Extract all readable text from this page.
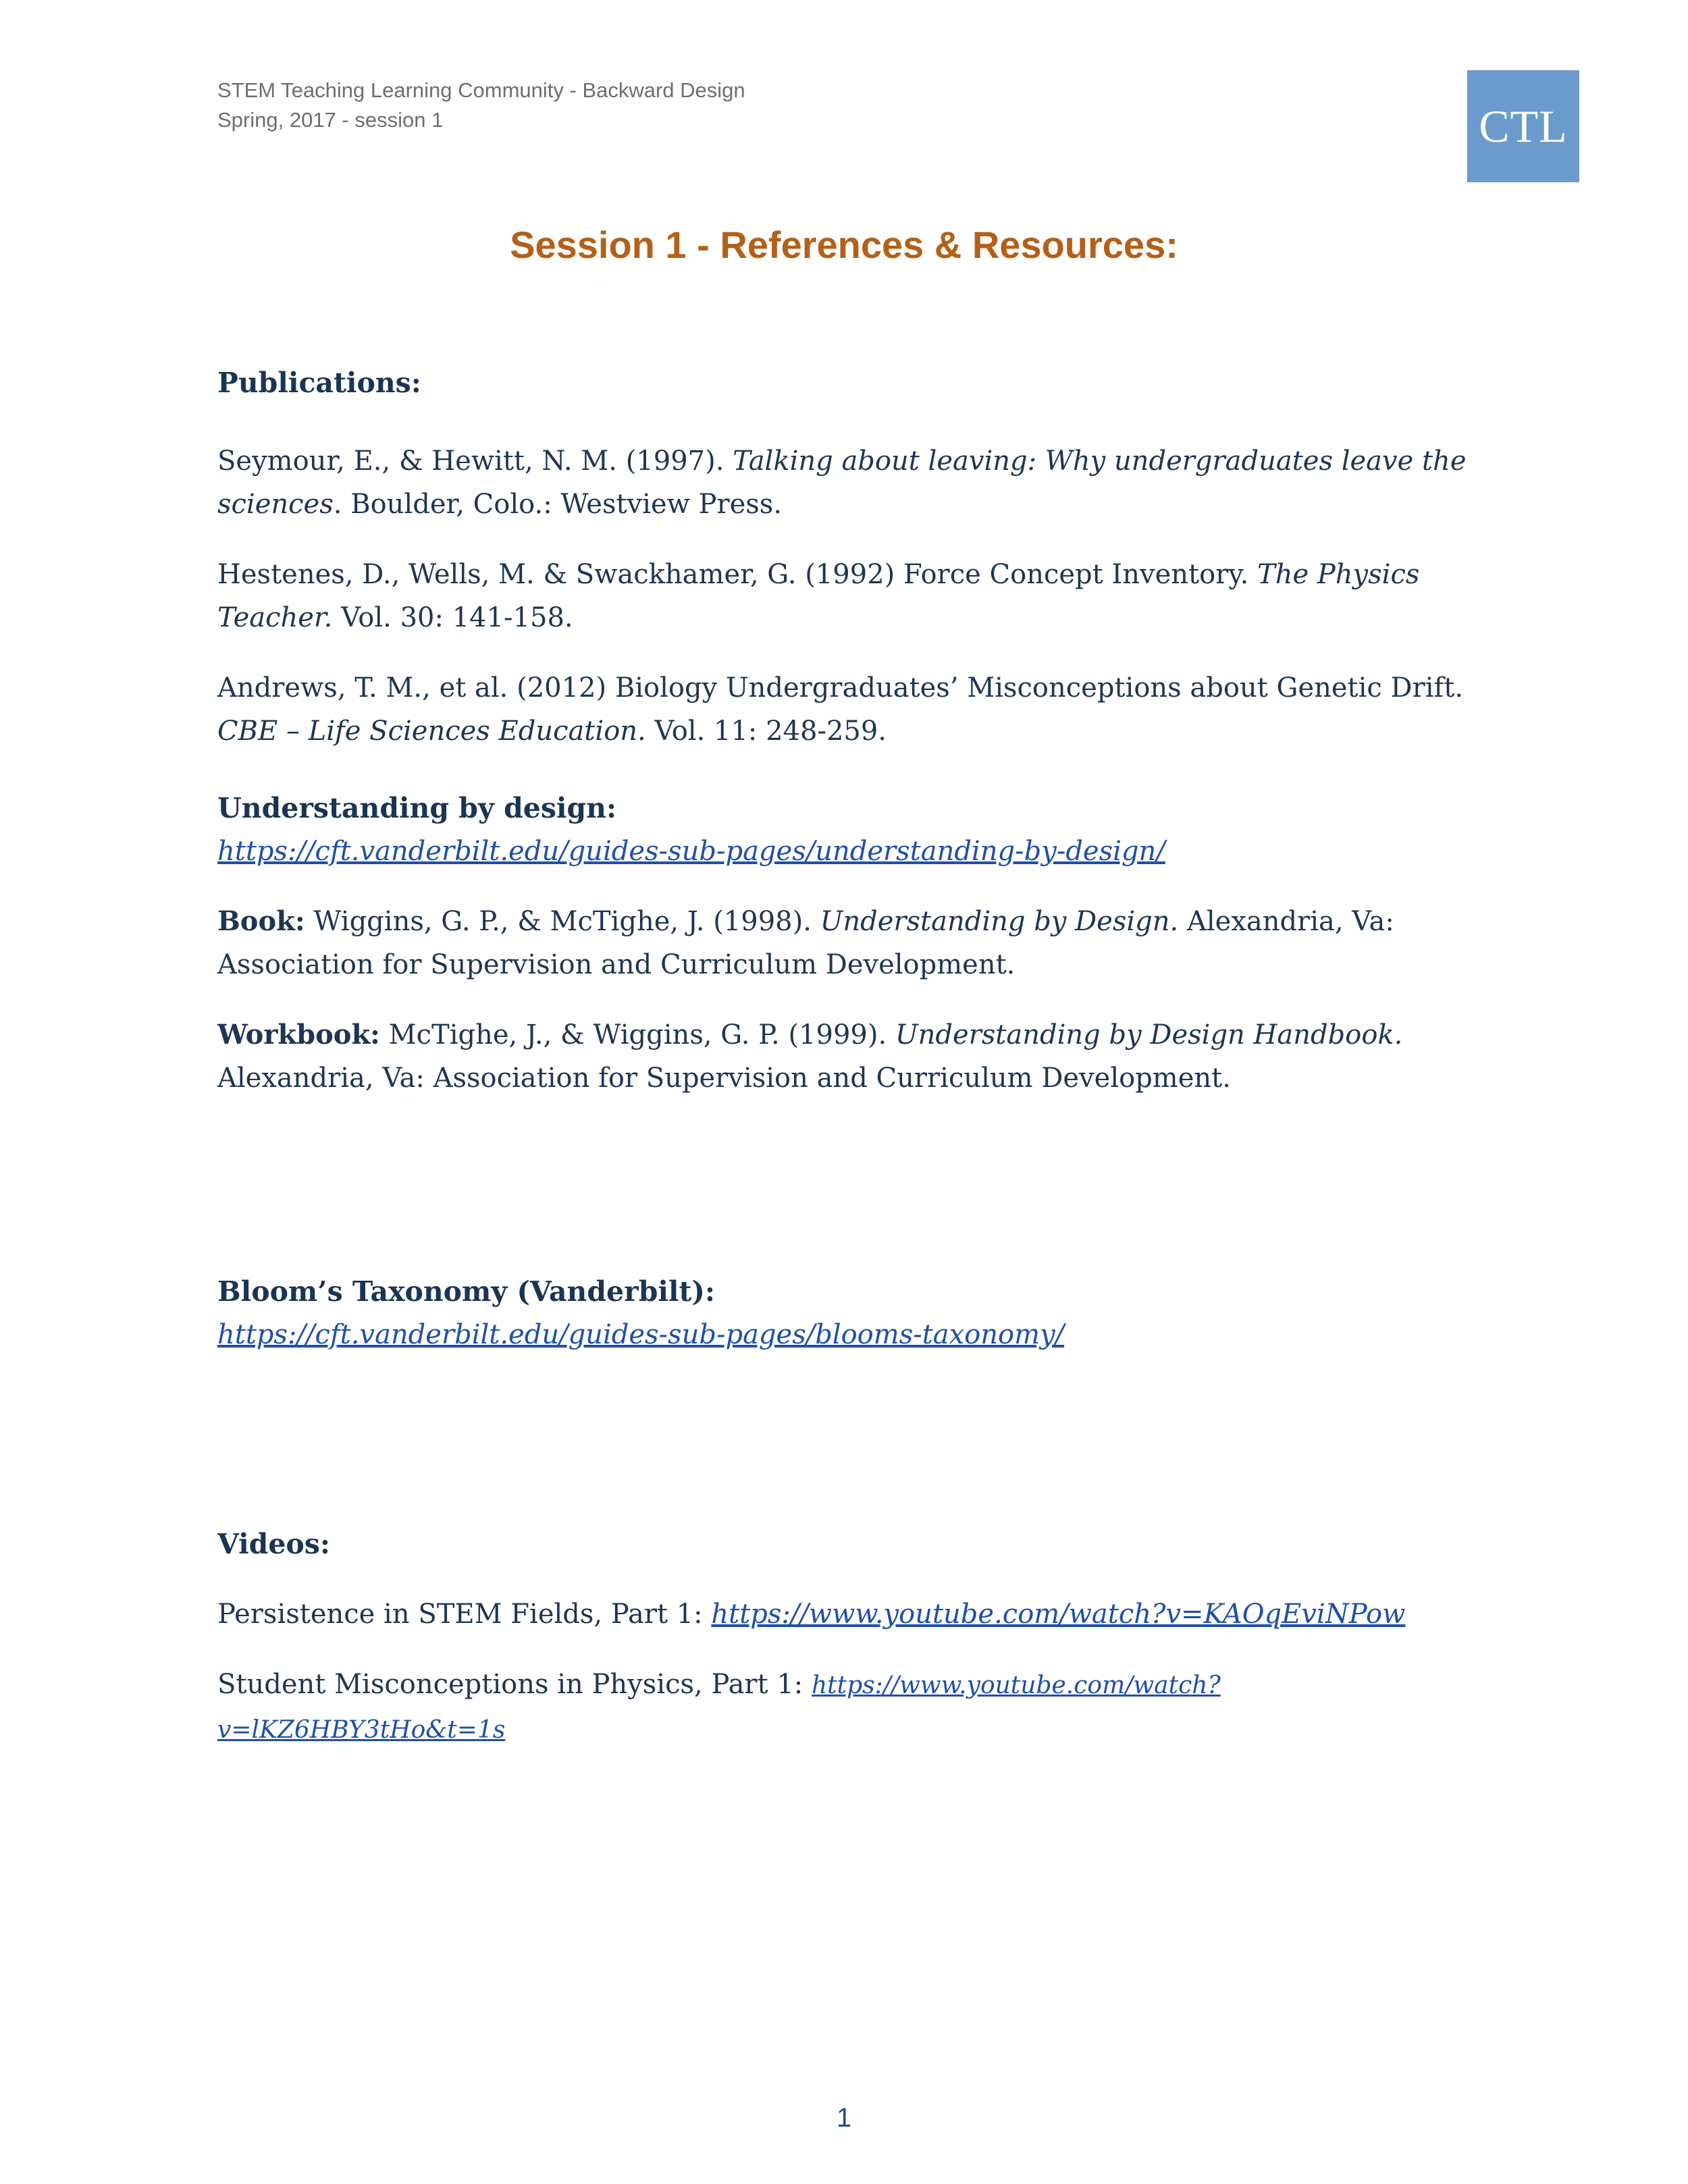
STEM Teaching Learning Community - Backward Design
Spring, 2017 - session 1	CTL
Session 1 - References & Resources:
Publications:
Seymour, E., & Hewitt, N. M. (1997). Talking about leaving: Why undergraduates leave the sciences. Boulder, Colo.: Westview Press.
Hestenes, D., Wells, M. & Swackhamer, G. (1992) Force Concept Inventory. The Physics Teacher. Vol. 30: 141-158.
Andrews, T. M., et al. (2012) Biology Undergraduates’ Misconceptions about Genetic Drift. CBE – Life Sciences Education. Vol. 11: 248-259.
Understanding by design:
https://cft.vanderbilt.edu/guides-sub-pages/understanding-by-design/
Book: Wiggins, G. P., & McTighe, J. (1998). Understanding by Design. Alexandria, Va: Association for Supervision and Curriculum Development.
Workbook: McTighe, J., & Wiggins, G. P. (1999). Understanding by Design Handbook. Alexandria, Va: Association for Supervision and Curriculum Development.
Bloom’s Taxonomy (Vanderbilt):
https://cft.vanderbilt.edu/guides-sub-pages/blooms-taxonomy/
Videos:
Persistence in STEM Fields, Part 1: https://www.youtube.com/watch?v=KAOqEviNPow
Student Misconceptions in Physics, Part 1: https://www.youtube.com/watch?v=lKZ6HBY3tHo&t=1s
1
